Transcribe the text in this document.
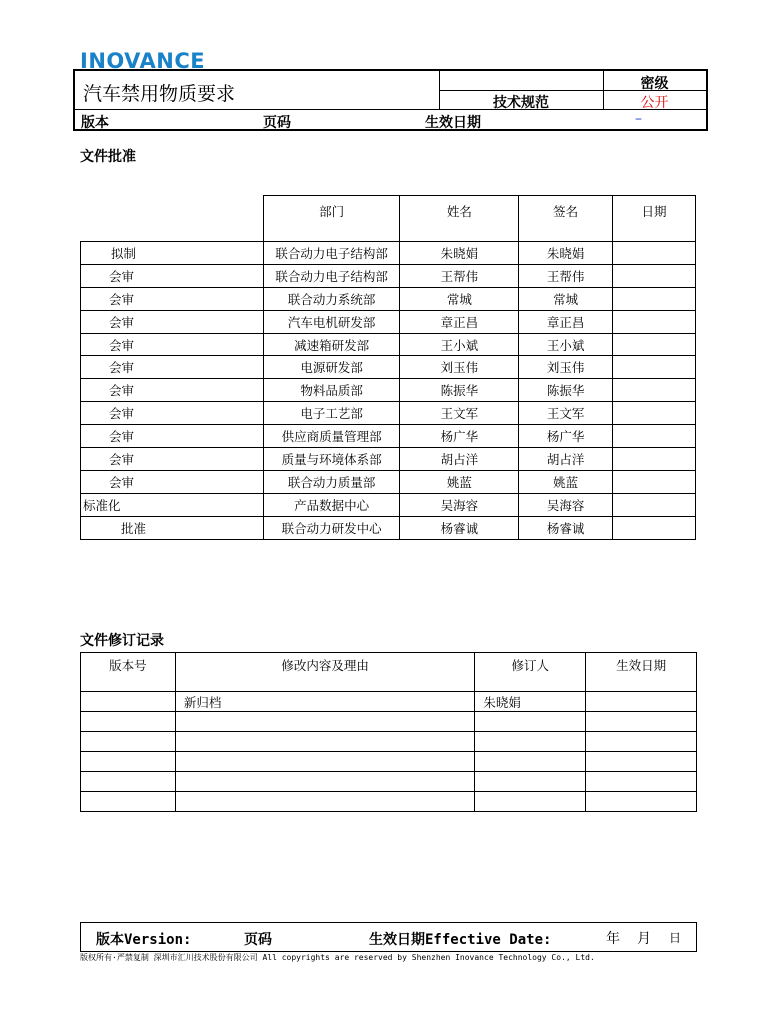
INOVANCE
汽车禁用物质要求	密级
技术规范	公开
版本	页码	生效日期	–
文件批准
	部门	姓名	签名	日期
拟制	联合动力电子结构部	朱晓娟	朱晓娟	
会审	联合动力电子结构部	王帮伟	王帮伟	
会审	联合动力系统部	常城	常城	
会审	汽车电机研发部	章正昌	章正昌	
会审	减速箱研发部	王小斌	王小斌	
会审	电源研发部	刘玉伟	刘玉伟	
会审	物料品质部	陈振华	陈振华	
会审	电子工艺部	王文军	王文军	
会审	供应商质量管理部	杨广华	杨广华	
会审	质量与环境体系部	胡占洋	胡占洋	
会审	联合动力质量部	姚蓝	姚蓝	
标准化	产品数据中心	吴海容	吴海容	
批准	联合动力研发中心	杨睿诚	杨睿诚	
文件修订记录
版本号	修改内容及理由	修订人	生效日期
	新归档	朱晓娟	

版本Version:	页码	生效日期Effective Date:	年 月 日
版权所有·严禁复制 深圳市汇川技术股份有限公司 All copyrights are reserved by Shenzhen Inovance Technology Co., Ltd.
